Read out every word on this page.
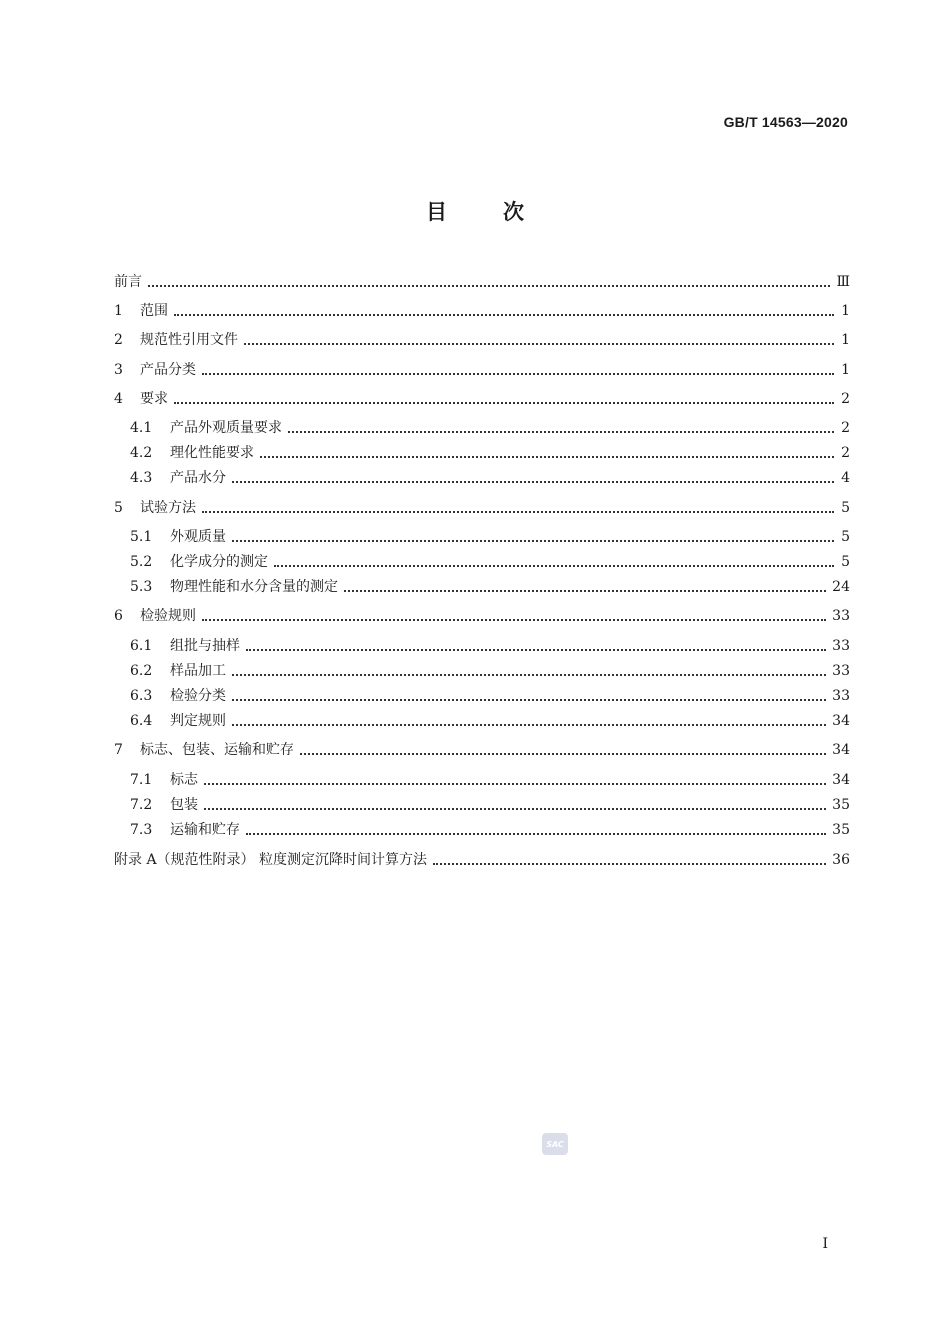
GB/T 14563—2020
目	次
前言	Ⅲ
1	范围	1
2	规范性引用文件	1
3	产品分类	1
4	要求	2
4.1	产品外观质量要求	2
4.2	理化性能要求	2
4.3	产品水分	4
5	试验方法	5
5.1	外观质量	5
5.2	化学成分的测定	5
5.3	物理性能和水分含量的测定	24
6	检验规则	33
6.1	组批与抽样	33
6.2	样品加工	33
6.3	检验分类	33
6.4	判定规则	34
7	标志、包装、运输和贮存	34
7.1	标志	34
7.2	包装	35
7.3	运输和贮存	35
附录 A（规范性附录） 粒度测定沉降时间计算方法	36
SAC
I
